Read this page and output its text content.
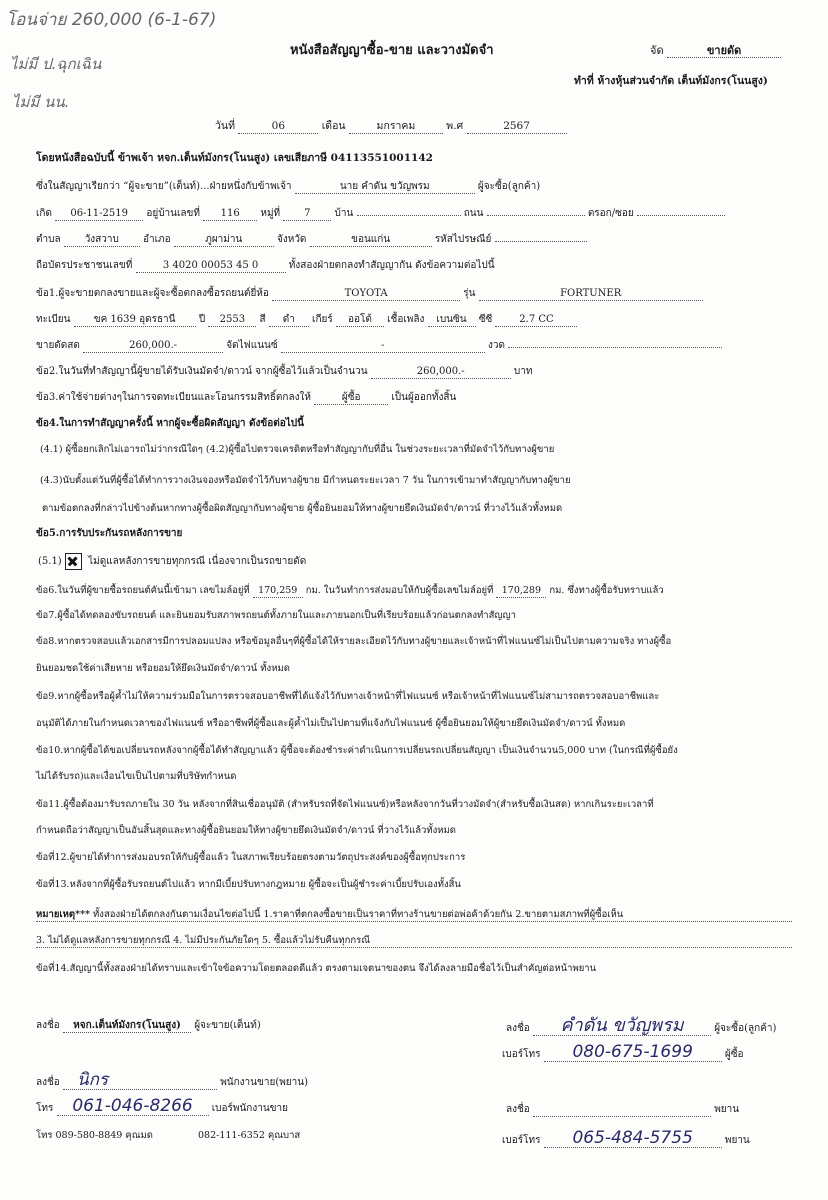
โอนจ่าย 260,000 (6-1-67)
ไม่มี ป.ฉุกเฉิน
ไม่มี นน.
หนังสือสัญญาซื้อ-ขาย และวางมัดจำ	จัด	ขายดัด
ทำที่ ห้างหุ้นส่วนจำกัด เต็นท์มังกร(โนนสูง)
วันที่	06	เดือน	มกราคม	พ.ศ	2567
โดยหนังสือฉบับนี้ ข้าพเจ้า หจก.เต็นท์มังกร(โนนสูง) เลขเสียภาษี 04113551001142
ซึ่งในสัญญาเรียกว่า “ผู้จะขาย”(เต็นท์)...ฝ่ายหนึ่งกับข้าพเจ้า	นาย คำดัน ขวัญพรม	ผู้จะซื้อ(ลูกค้า)
เกิด 06-11-2519 อยู่บ้านเลขที่ 116 หมู่ที่ 7 บ้าน	ถนน	ตรอก/ซอย
ตำบล วังสวาบ อำเภอ	ภูผาม่าน	จังหวัด	ขอนแก่น	รหัสไปรษณีย์
ถือบัตรประชาชนเลขที่	3 4020 00053 45 0	ทั้งสองฝ่ายตกลงทำสัญญากัน ดังข้อความต่อไปนี้
ข้อ1.ผู้จะขายตกลงขายและผู้จะซื้อตกลงซื้อรถยนต์ยี่ห้อ	TOYOTA	รุ่น	FORTUNER
ทะเบียน ขค 1639 อุดรธานี ปี 2553 สี ดำ เกียร์ ออโต้ เชื้อเพลิง เบนซิน ซีซี	2.7 CC
ขายดัดสด	260,000.-	จัดไฟแนนซ์	-	งวด
ข้อ2.ในวันที่ทำสัญญานี้ผู้ขายได้รับเงินมัดจำ/ดาวน์ จากผู้ซื้อไว้แล้วเป็นจำนวน	260,000.-	บาท
ข้อ3.ค่าใช้จ่ายต่างๆในการจดทะเบียนและโอนกรรมสิทธิ์ตกลงให้	ผู้ซื้อ	เป็นผู้ออกทั้งสิ้น
ข้อ4.ในการทำสัญญาครั้งนี้ หากผู้จะซื้อผิดสัญญา ดังข้อต่อไปนี้
(4.1) ผู้ซื้อยกเลิกไม่เอารถไม่ว่ากรณีใดๆ (4.2)ผู้ซื้อไปตรวจเครดิตหรือทำสัญญากับที่อื่น ในช่วงระยะเวลาที่มัดจำไว้กับทางผู้ขาย
(4.3)นับตั้งแต่วันที่ผู้ซื้อได้ทำการวางเงินจองหรือมัดจำไว้กับทางผู้ขาย มีกำหนดระยะเวลา 7 วัน ในการเข้ามาทำสัญญากับทางผู้ขาย
ตามข้อตกลงที่กล่าวไปข้างต้นหากทางผู้ซื้อผิดสัญญากับทางผู้ขาย ผู้ซื้อยินยอมให้ทางผู้ขายยึดเงินมัดจำ/ดาวน์ ที่วางไว้แล้วทั้งหมด
ข้อ5.การรับประกันรถหลังการขาย
(5.1)	ไม่ดูแลหลังการขายทุกกรณี เนื่องจากเป็นรถขายดัด
ข้อ6.ในวันที่ผู้ขายซื้อรถยนต์คันนี้เข้ามา เลขไมล์อยู่ที่ 170,259 กม. ในวันทำการส่งมอบให้กับผู้ซื้อเลขไมล์อยู่ที่ 170,289 กม. ซึ่งทางผู้ซื้อรับทราบแล้ว
ข้อ7.ผู้ซื้อได้ทดลองขับรถยนต์ และยินยอมรับสภาพรถยนต์ทั้งภายในและภายนอกเป็นที่เรียบร้อยแล้วก่อนตกลงทำสัญญา
ข้อ8.หากตรวจสอบแล้วเอกสารมีการปลอมแปลง หรือข้อมูลอื่นๆที่ผู้ซื้อได้ให้รายละเอียดไว้กับทางผู้ขายและเจ้าหน้าที่ไฟแนนซ์ไม่เป็นไปตามความจริง ทางผู้ซื้อ
ยินยอมชดใช้ค่าเสียหาย หรือยอมให้ยึดเงินมัดจำ/ดาวน์ ทั้งหมด
ข้อ9.หากผู้ซื้อหรือผู้ค้ำไม่ให้ความร่วมมือในการตรวจสอบอาชีพที่ได้แจ้งไว้กับทางเจ้าหน้าที่ไฟแนนซ์ หรือเจ้าหน้าที่ไฟแนนซ์ไม่สามารถตรวจสอบอาชีพและ
อนุมัติได้ภายในกำหนดเวลาของไฟแนนซ์ หรืออาชีพที่ผู้ซื้อและผู้ค้ำไม่เป็นไปตามที่แจ้งกับไฟแนนซ์ ผู้ซื้อยินยอมให้ผู้ขายยึดเงินมัดจำ/ดาวน์ ทั้งหมด
ข้อ10.หากผู้ซื้อได้ขอเปลี่ยนรถหลังจากผู้ซื้อได้ทำสัญญาแล้ว ผู้ซื้อจะต้องชำระค่าดำเนินการเปลี่ยนรถเปลี่ยนสัญญา เป็นเงินจำนวน5,000 บาท (ในกรณีที่ผู้ซื้อยัง
ไม่ได้รับรถ)และเงื่อนไขเป็นไปตามที่บริษัทกำหนด
ข้อ11.ผู้ซื้อต้องมารับรถภายใน 30 วัน หลังจากที่สินเชื่ออนุมัติ (สำหรับรถที่จัดไฟแนนซ์)หรือหลังจากวันที่วางมัดจำ(สำหรับซื้อเงินสด) หากเกินระยะเวลาที่
กำหนดถือว่าสัญญาเป็นอันสิ้นสุดและทางผู้ซื้อยินยอมให้ทางผู้ขายยึดเงินมัดจำ/ดาวน์ ที่วางไว้แล้วทั้งหมด
ข้อที่12.ผู้ขายได้ทำการส่งมอบรถให้กับผู้ซื้อแล้ว ในสภาพเรียบร้อยตรงตามวัตถุประสงค์ของผู้ซื้อทุกประการ
ข้อที่13.หลังจากที่ผู้ซื้อรับรถยนต์ไปแล้ว หากมีเบี้ยปรับทางกฎหมาย ผู้ซื้อจะเป็นผู้ชำระค่าเบี้ยปรับเองทั้งสิ้น
หมายเหตุ*** ทั้งสองฝ่ายได้ตกลงกันตามเงื่อนไขต่อไปนี้ 1.ราคาที่ตกลงซื้อขายเป็นราคาที่ทางร้านขายต่อพ่อค้าด้วยกัน 2.ขายตามสภาพที่ผู้ซื้อเห็น
3. ไม่ได้ดูแลหลังการขายทุกกรณี 4. ไม่มีประกันภัยใดๆ 5. ซื้อแล้วไม่รับคืนทุกกรณี
ข้อที่14.สัญญานี้ทั้งสองฝ่ายได้ทราบและเข้าใจข้อความโดยตลอดดีแล้ว ตรงตามเจตนาของตน จึงได้ลงลายมือชื่อไว้เป็นสำคัญต่อหน้าพยาน
ลงชื่อ หจก.เต็นท์มังกร(โนนสูง) ผู้จะขาย(เต็นท์)	ลงชื่อ คำดัน ขวัญพรม	ผู้จะซื้อ(ลูกค้า)
เบอร์โทร 080-675-1699	ผู้ซื้อ
ลงชื่อ นิกร	พนักงานขาย(พยาน)
โทร 061-046-8266 เบอร์พนักงานขาย	ลงชื่อ	พยาน
เบอร์โทร 065-484-5755	พยาน
โทร 089-580-8849 คุณมด	082-111-6352 คุณบาส
